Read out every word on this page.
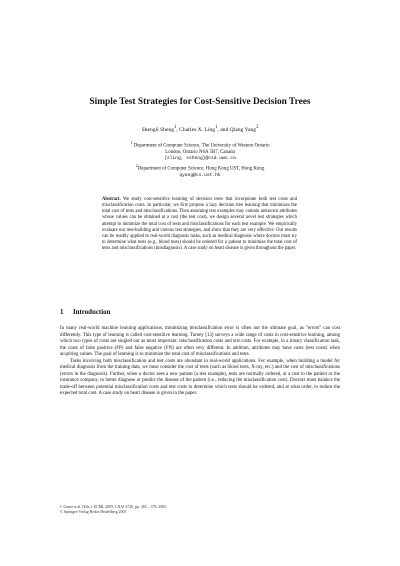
Simple Test Strategies for Cost-Sensitive Decision Trees
Shengli Sheng$^1$, Charles X. Ling$^1$, and Qiang Yang$^2$
$^1$ Department of Computer Science, The University of Western Ontario
London, Ontario N6A 5B7, Canada
{sling, ssheng}@csd.uwo.ca
$^2$Department of Computer Science, Hong Kong UST, Hong Kong
qyang@cs.ust.hk
Abstract. We study cost-sensitive learning of decision trees that incorporate both test costs and misclassification costs. In particular, we first propose a lazy decision tree learning that minimizes the total cost of tests and misclassifications. Then assuming test examples may contain unknown attributes whose values can be obtained at a cost (the test cost), we design several novel test strategies which attempt to minimize the total cost of tests and misclassifications for each test example. We empirically evaluate our tree-building and various test strategies, and show that they are very effective. Our results can be readily applied to real-world diagnosis tasks, such as medical diagnosis where doctors must try to determine what tests (e.g., blood tests) should be ordered for a patient to minimize the total cost of tests and misclassifications (misdiagnosis). A case study on heart disease is given throughout the paper.
1 Introduction

In many real-world machine learning applications, minimizing misclassification error is often not the ultimate goal, as "errors" can cost differently. This type of learning is called cost-sensitive learning. Turney [13] surveys a wide range of costs in cost-sensitive learning, among which two types of costs are singled out as most important: misclassification costs and test costs. For example, in a binary classification task, the costs of false positive (FP) and false negative (FN) are often very different. In addition, attributes may have costs (test costs) when acquiring values. The goal of learning is to minimize the total cost of misclassifications and tests.

Tasks involving both misclassification and test costs are abundant in real-world applications. For example, when building a model for medical diagnosis from the training data, we must consider the cost of tests (such as blood tests, X-ray, etc.) and the cost of misclassifications (errors in the diagnosis). Further, when a doctor sees a new patient (a test example), tests are normally ordered, at a cost to the patient or the insurance company, to better diagnose or predict the disease of the patient (i.e., reducing the misclassification cost). Doctors must balance the trade-off between potential misclassification costs and test costs to determine which tests should be ordered, and at what order, to reduce the expected total cost. A case study on heart disease is given in the paper.

J. Gama et al. (Eds.): ECML 2005, LNAI 3720, pp. 365 – 376, 2005.
© Springer-Verlag Berlin Heidelberg 2005
